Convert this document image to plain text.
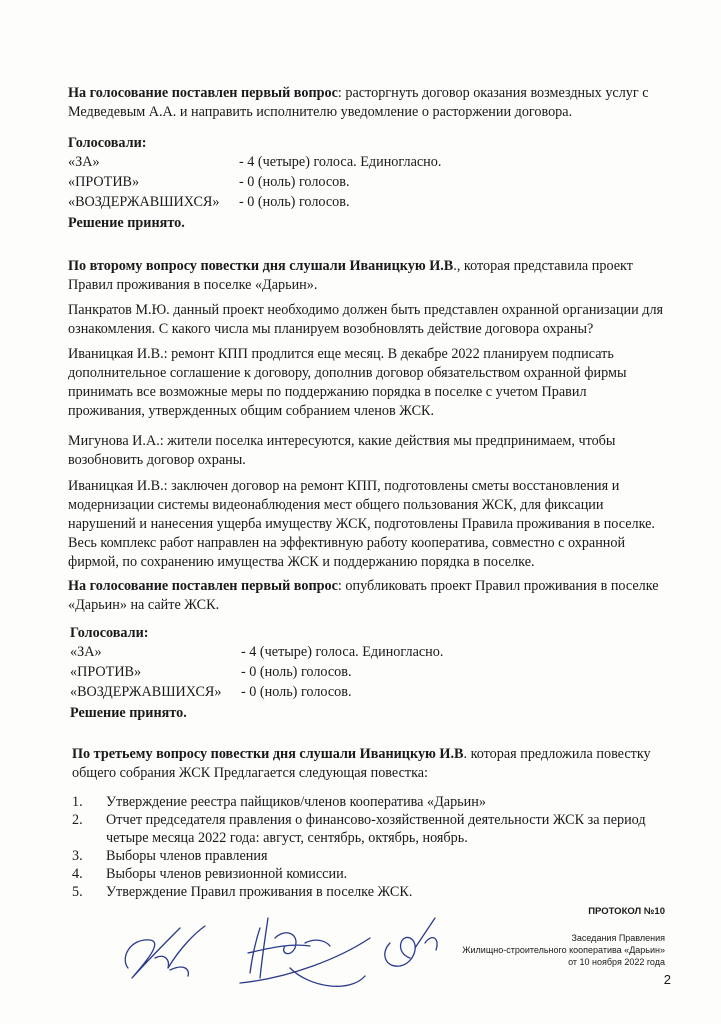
На голосование поставлен первый вопрос: расторгнуть договор оказания возмездных услуг с Медведевым А.А. и направить исполнителю уведомление о расторжении договора.

Голосовали:
«ЗА»	- 4 (четыре) голоса. Единогласно.
«ПРОТИВ»	- 0 (ноль) голосов.
«ВОЗДЕРЖАВШИХСЯ»	- 0 (ноль) голосов.
Решение принято.

По второму вопросу повестки дня слушали Иваницкую И.В., которая представила проект Правил проживания в поселке «Дарьин».

Панкратов М.Ю. данный проект необходимо должен быть представлен охранной организации для ознакомления. С какого числа мы планируем возобновлять действие договора охраны?

Иваницкая И.В.: ремонт КПП продлится еще месяц. В декабре 2022 планируем подписать дополнительное соглашение к договору, дополнив договор обязательством охранной фирмы принимать все возможные меры по поддержанию порядка в поселке с учетом Правил проживания, утвержденных общим собранием членов ЖСК.

Мигунова И.А.: жители поселка интересуются, какие действия мы предпринимаем, чтобы возобновить договор охраны.

Иваницкая И.В.: заключен договор на ремонт КПП, подготовлены сметы восстановления и модернизации системы видеонаблюдения мест общего пользования ЖСК, для фиксации нарушений и нанесения ущерба имуществу ЖСК, подготовлены Правила проживания в поселке. Весь комплекс работ направлен на эффективную работу кооператива, совместно с охранной фирмой, по сохранению имущества ЖСК и поддержанию порядка в поселке.

На голосование поставлен первый вопрос: опубликовать проект Правил проживания в поселке «Дарьин» на сайте ЖСК.

Голосовали:
«ЗА»	- 4 (четыре) голоса. Единогласно.
«ПРОТИВ»	- 0 (ноль) голосов.
«ВОЗДЕРЖАВШИХСЯ»	- 0 (ноль) голосов.
Решение принято.

По третьему вопросу повестки дня слушали Иваницкую И.В. которая предложила повестку общего собрания ЖСК Предлагается следующая повестка:

1.	Утверждение реестра пайщиков/членов кооператива «Дарьин»
2.	Отчет председателя правления о финансово-хозяйственной деятельности ЖСК за период четыре месяца 2022 года: август, сентябрь, октябрь, ноябрь.
3.	Выборы членов правления
4.	Выборы членов ревизионной комиссии.
5.	Утверждение Правил проживания в поселке ЖСК.
ПРОТОКОЛ №10
Заседания Правления
Жилищно-строительного кооператива «Дарьин»
от 10 ноября 2022 года
2
